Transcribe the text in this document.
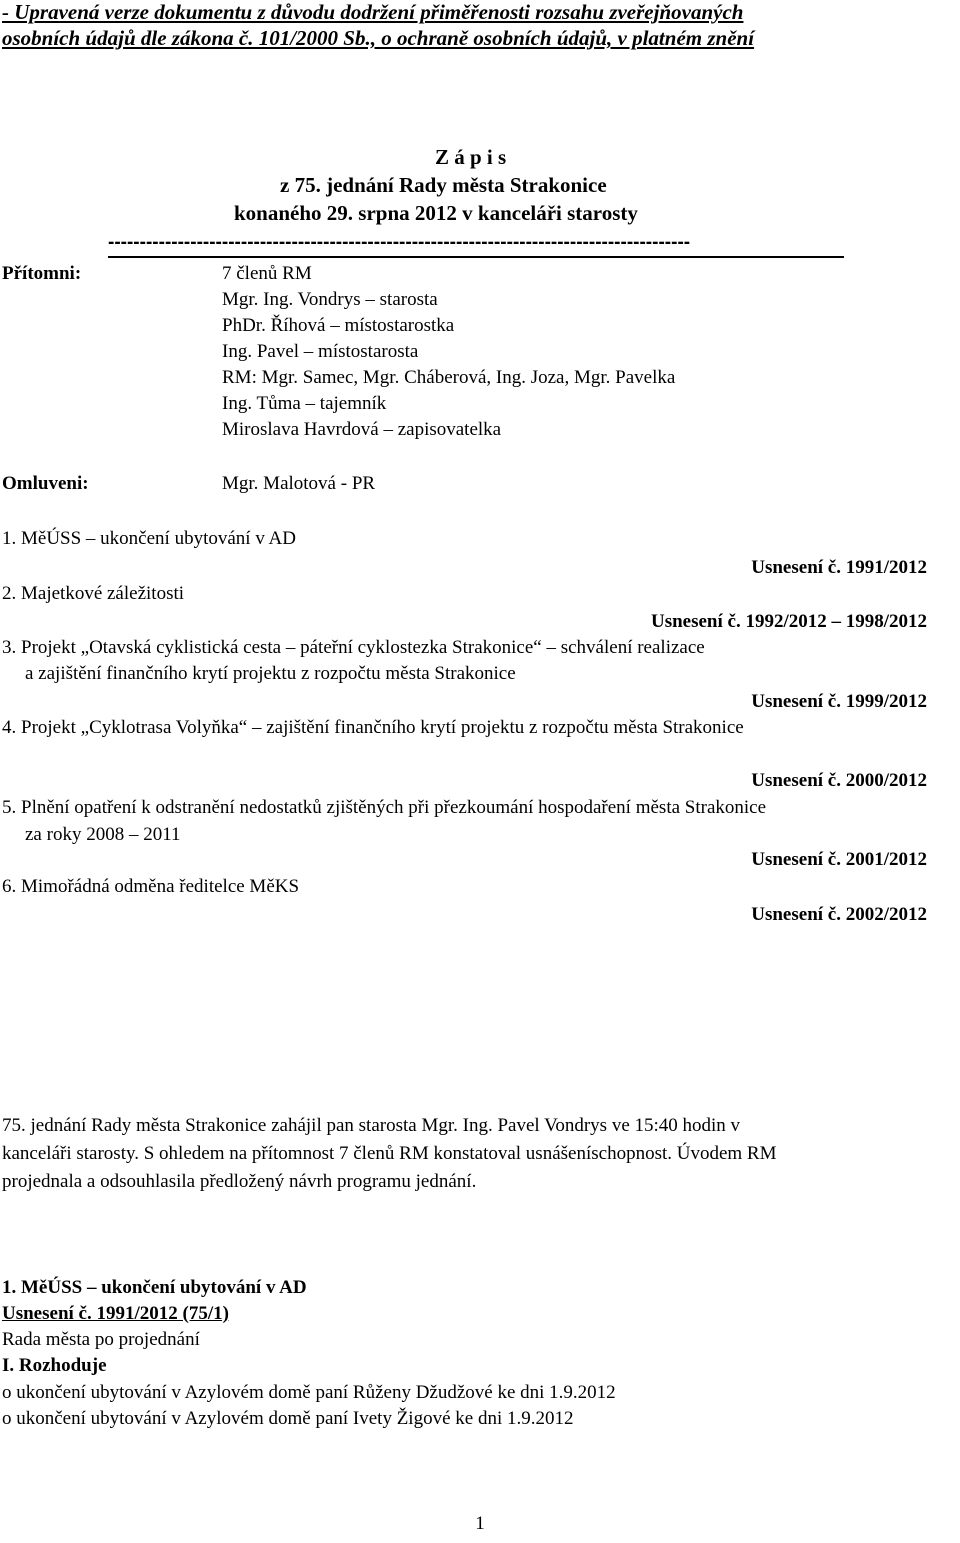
- Upravená verze dokumentu z důvodu dodržení přiměřenosti rozsahu zveřejňovaných
osobních údajů dle zákona č. 101/2000 Sb., o ochraně osobních údajů, v platném znění
Z á p i s
z 75. jednání Rady města Strakonice
konaného 29. srpna 2012 v kanceláři starosty
--------------------------------------------------------------------------------------------
Přítomni:	7 členů RM
Mgr. Ing. Vondrys – starosta
PhDr. Říhová – místostarostka
Ing. Pavel – místostarosta
RM: Mgr. Samec, Mgr. Cháberová, Ing. Joza, Mgr. Pavelka
Ing. Tůma – tajemník
Miroslava Havrdová – zapisovatelka
Omluveni:	Mgr. Malotová - PR
1. MěÚSS – ukončení ubytování v AD
Usnesení č. 1991/2012
2. Majetkové záležitosti
Usnesení č. 1992/2012 – 1998/2012
3. Projekt „Otavská cyklistická cesta – páteřní cyklostezka Strakonice“ – schválení realizace
a zajištění finančního krytí projektu z rozpočtu města Strakonice
Usnesení č. 1999/2012
4. Projekt „Cyklotrasa Volyňka“ – zajištění finančního krytí projektu z rozpočtu města Strakonice
Usnesení č. 2000/2012
5. Plnění opatření k odstranění nedostatků zjištěných při přezkoumání hospodaření města Strakonice
za roky 2008 – 2011
Usnesení č. 2001/2012
6. Mimořádná odměna ředitelce MěKS
Usnesení č. 2002/2012
75. jednání Rady města Strakonice zahájil pan starosta Mgr. Ing. Pavel Vondrys ve 15:40 hodin v
kanceláři starosty. S ohledem na přítomnost 7 členů RM konstatoval usnášeníschopnost. Úvodem RM
projednala a odsouhlasila předložený návrh programu jednání.
1. MěÚSS – ukončení ubytování v AD
Usnesení č. 1991/2012 (75/1)
Rada města po projednání
I. Rozhoduje
o ukončení ubytování v Azylovém domě paní Růženy Džudžové ke dni 1.9.2012
o ukončení ubytování v Azylovém domě paní Ivety Žigové ke dni 1.9.2012
1
